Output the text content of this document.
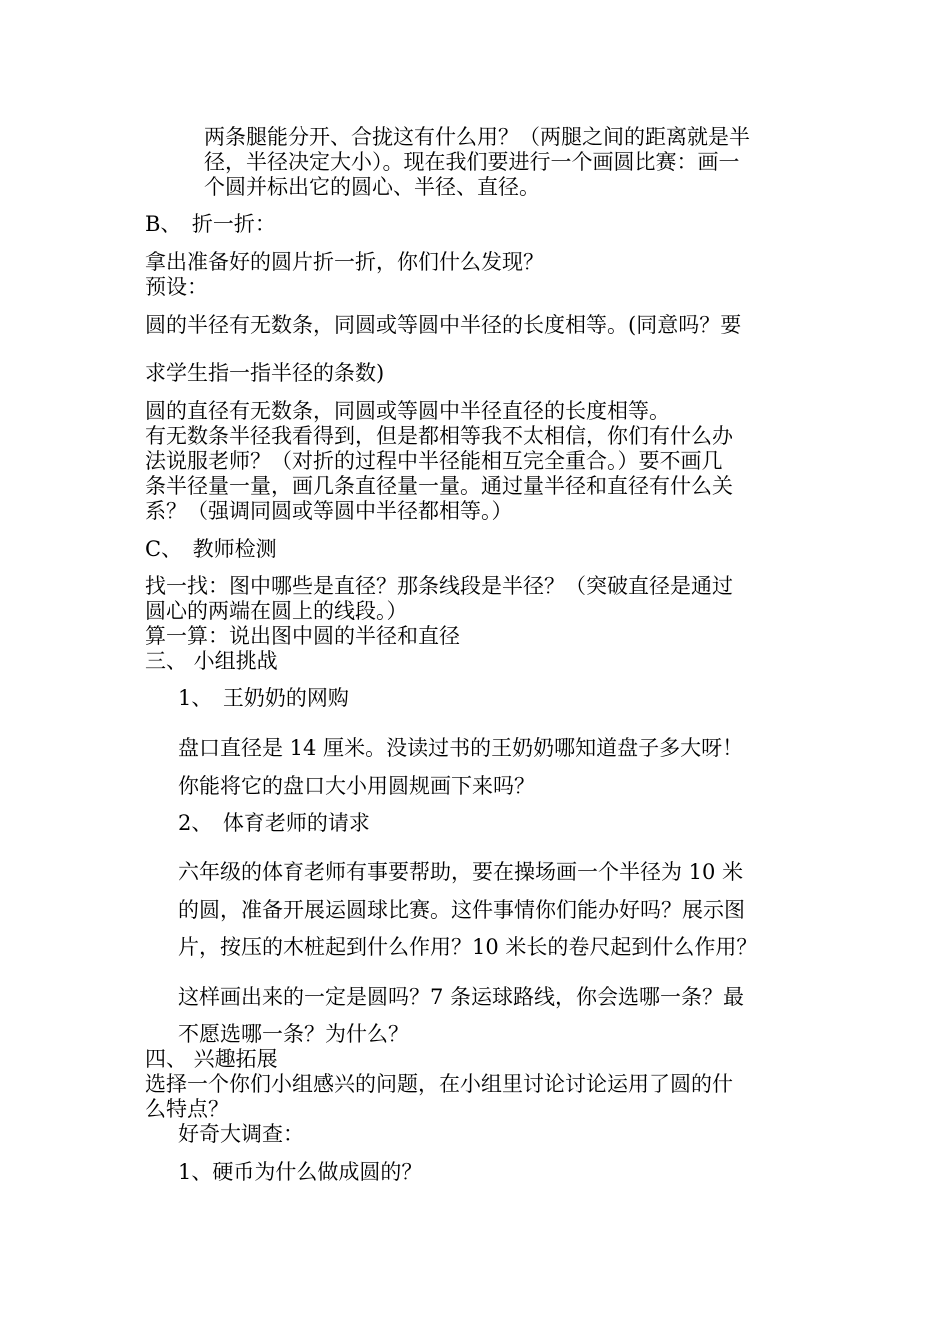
两条腿能分开、合拢这有什么用？（两腿之间的距离就是半
径，半径决定大小）。现在我们要进行一个画圆比赛：画一
个圆并标出它的圆心、半径、直径。
B、　折一折：
拿出准备好的圆片折一折，你们什么发现？
预设：
圆的半径有无数条，同圆或等圆中半径的长度相等。(同意吗？要
求学生指一指半径的条数)
圆的直径有无数条，同圆或等圆中半径直径的长度相等。
有无数条半径我看得到，但是都相等我不太相信，你们有什么办
法说服老师？（对折的过程中半径能相互完全重合。）要不画几
条半径量一量，画几条直径量一量。通过量半径和直径有什么关
系？（强调同圆或等圆中半径都相等。）
C、　教师检测
找一找：图中哪些是直径？那条线段是半径？（突破直径是通过
圆心的两端在圆上的线段。）
算一算：说出图中圆的半径和直径
三、 小组挑战
1、　王奶奶的网购
盘口直径是 14 厘米。没读过书的王奶奶哪知道盘子多大呀！
你能将它的盘口大小用圆规画下来吗？
2、　体育老师的请求
六年级的体育老师有事要帮助，要在操场画一个半径为 10 米
的圆，准备开展运圆球比赛。这件事情你们能办好吗？展示图
片，按压的木桩起到什么作用？10 米长的卷尺起到什么作用？
这样画出来的一定是圆吗？7 条运球路线，你会选哪一条？最
不愿选哪一条？为什么？
四、 兴趣拓展
选择一个你们小组感兴的问题，在小组里讨论讨论运用了圆的什
么特点？
好奇大调查：
1、硬币为什么做成圆的？
